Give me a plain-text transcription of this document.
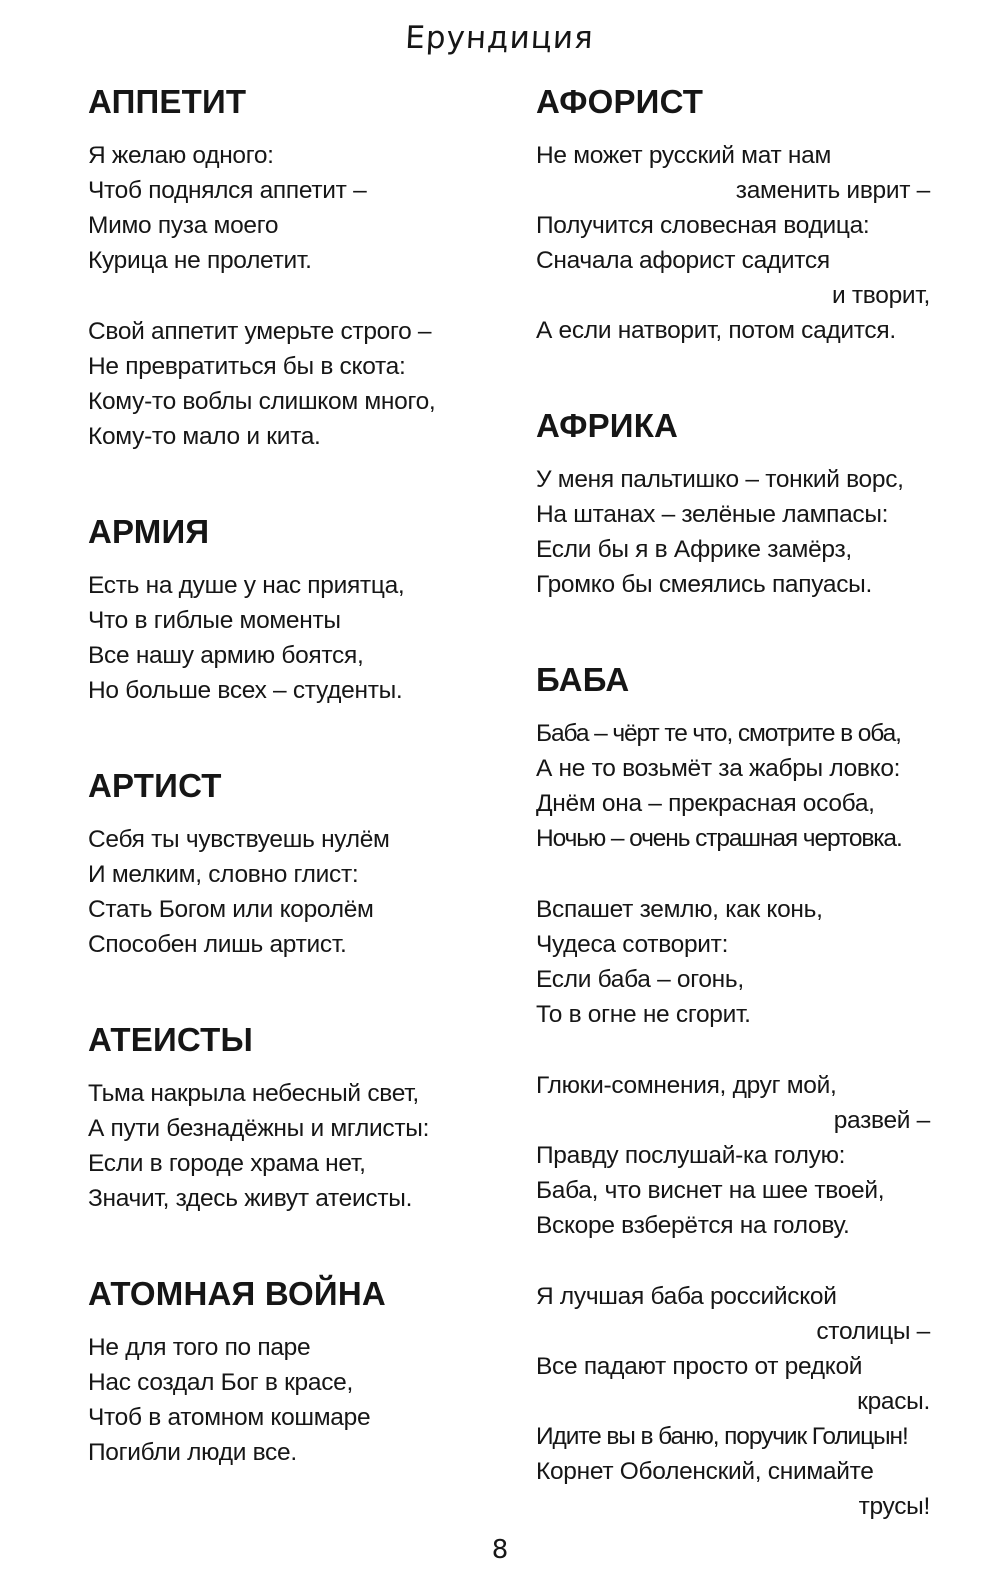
Ерундиция
АППЕТИТ

Я желаю одного:

Чтоб поднялся аппетит –

Мимо пуза моего

Курица не пролетит.

Свой аппетит умерьте строго –

Не превратиться бы в скота:

Кому-то воблы слишком много,

Кому-то мало и кита.

АРМИЯ

Есть на душе у нас приятца,

Что в гиблые моменты

Все нашу армию боятся,

Но больше всех – студенты.

АРТИСТ

Себя ты чувствуешь нулём

И мелким, словно глист:

Стать Богом или королём

Способен лишь артист.

АТЕИСТЫ

Тьма накрыла небесный свет,

А пути безнадёжны и мглисты:

Если в городе храма нет,

Значит, здесь живут атеисты.

АТОМНАЯ ВОЙНА

Не для того по паре

Нас создал Бог в красе,

Чтоб в атомном кошмаре

Погибли люди все.

АФОРИСТ

Не может русский мат нам

заменить иврит –

Получится словесная водица:

Сначала афорист садится

и творит,

А если натворит, потом садится.

АФРИКА

У меня пальтишко – тонкий ворс,

На штанах – зелёные лампасы:

Если бы я в Африке замёрз,

Громко бы смеялись папуасы.

БАБА

Баба – чёрт те что, смотрите в оба,

А не то возьмёт за жабры ловко:

Днём она – прекрасная особа,

Ночью – очень страшная чертовка.

Вспашет землю, как конь,

Чудеса сотворит:

Если баба – огонь,

То в огне не сгорит.

Глюки-сомнения, друг мой,

развей –

Правду послушай-ка голую:

Баба, что виснет на шее твоей,

Вскоре взберётся на голову.

Я лучшая баба российской

столицы –

Все падают просто от редкой

красы.

Идите вы в баню, поручик Голицын!

Корнет Оболенский, снимайте

трусы!

8
